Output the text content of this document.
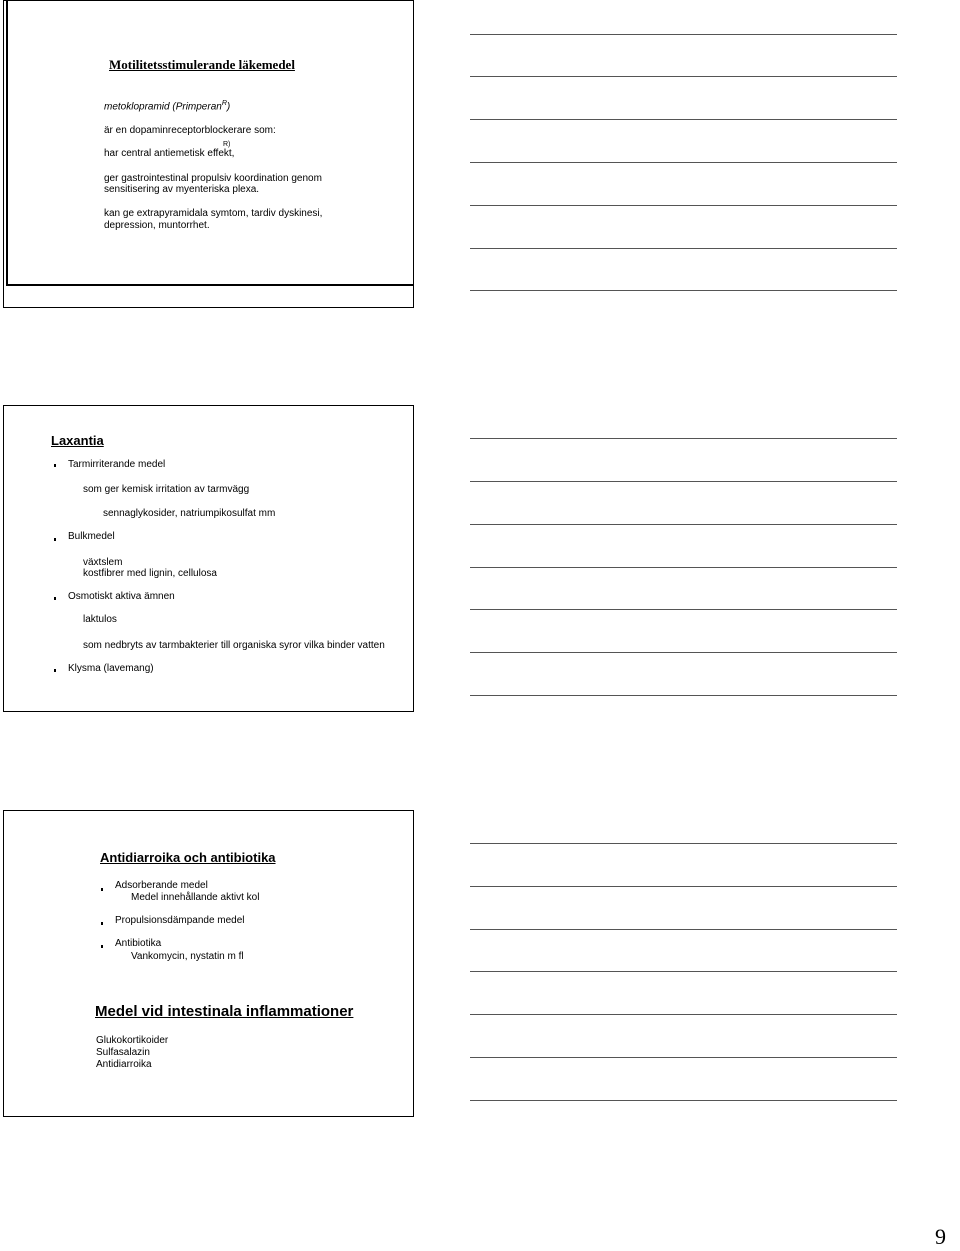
Motilitetsstimulerande läkemedel
metoklopramid (Primperan$^R$)
är en dopaminreceptorblockerare som:
R)
har central antiemetisk effekt,
ger gastrointestinal propulsiv koordination genom
sensitisering av myenteriska plexa.
kan ge extrapyramidala symtom, tardiv dyskinesi,
depression, muntorrhet.
Laxantia
Tarmirriterande medel
som ger kemisk irritation av tarmvägg
sennaglykosider, natriumpikosulfat mm
Bulkmedel
växtslem
kostfibrer med lignin, cellulosa
Osmotiskt aktiva ämnen
laktulos
som nedbryts av tarmbakterier till organiska syror vilka binder vatten
Klysma (lavemang)
Antidiarroika och antibiotika
Adsorberande medel
Medel innehållande aktivt kol
Propulsionsdämpande medel
Antibiotika
Vankomycin, nystatin m fl
Medel vid intestinala inflammationer
Glukokortikoider
Sulfasalazin
Antidiarroika
9
